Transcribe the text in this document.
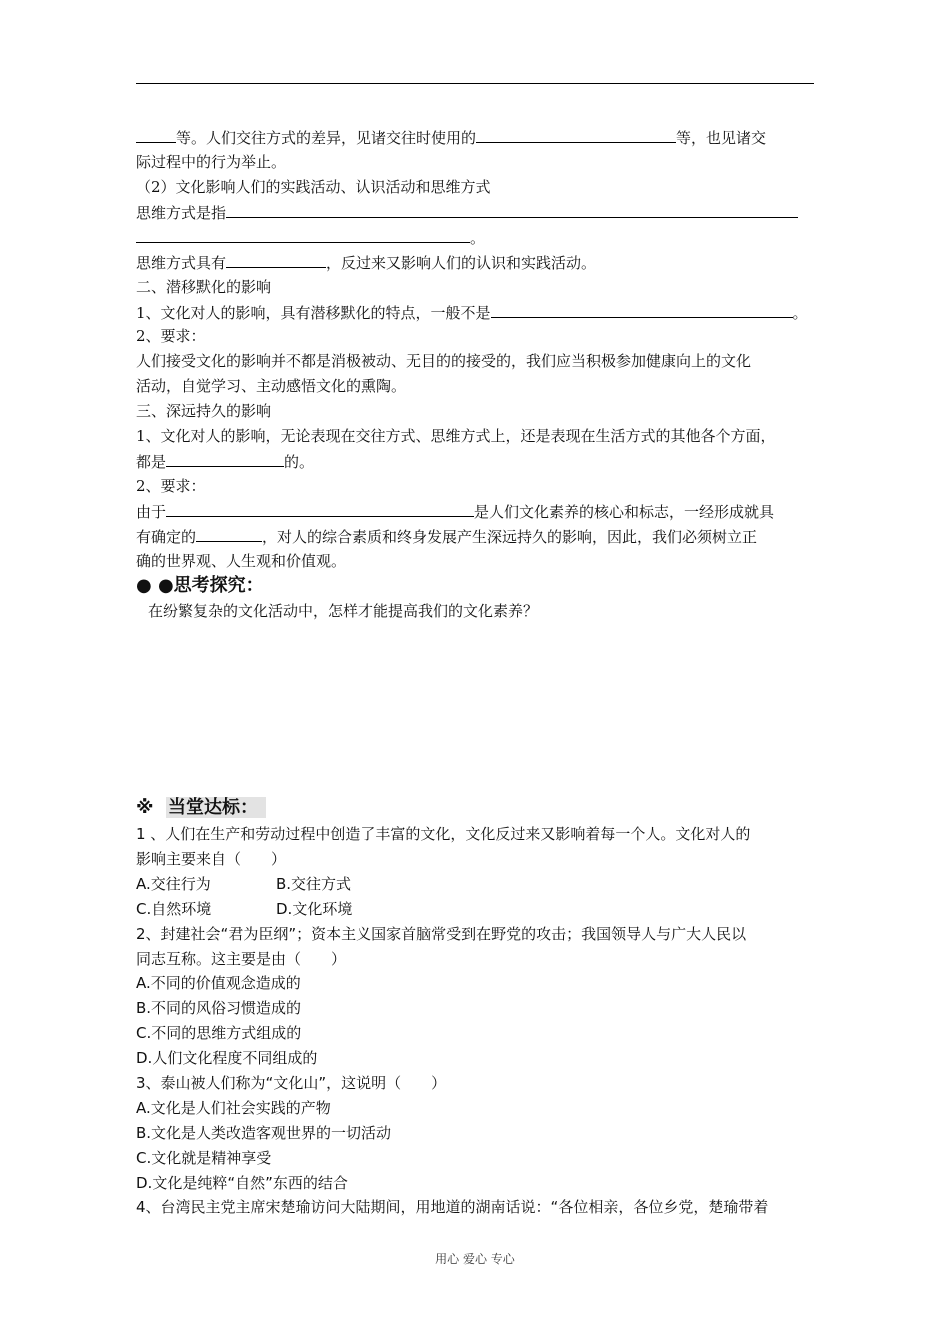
等。人们交往方式的差异，见诸交往时使用的	等，也见诸交
际过程中的行为举止。
（2）文化影响人们的实践活动、认识活动和思维方式
思维方式是指
。
思维方式具有	，反过来又影响人们的认识和实践活动。
二、潜移默化的影响
1、文化对人的影响，具有潜移默化的特点，一般不是	。
2、要求：
人们接受文化的影响并不都是消极被动、无目的的接受的，我们应当积极参加健康向上的文化
活动，自觉学习、主动感悟文化的熏陶。
三、深远持久的影响
1、文化对人的影响，无论表现在交往方式、思维方式上，还是表现在生活方式的其他各个方面，
都是	的。
2、要求：
由于	是人们文化素养的核心和标志，一经形成就具
有确定的	，对人的综合素质和终身发展产生深远持久的影响，因此，我们必须树立正
确的世界观、人生观和价值观。
● ●思考探究：
在纷繁复杂的文化活动中，怎样才能提高我们的文化素养？
※ 当堂达标：
1 、人们在生产和劳动过程中创造了丰富的文化，文化反过来又影响着每一个人。文化对人的
影响主要来自（　　）
A.交往行为	B.交往方式
C.自然环境	D.文化环境
2、封建社会“君为臣纲”；资本主义国家首脑常受到在野党的攻击；我国领导人与广大人民以
同志互称。这主要是由（　　）
A.不同的价值观念造成的
B.不同的风俗习惯造成的
C.不同的思维方式组成的
D.人们文化程度不同组成的
3、泰山被人们称为“文化山”，这说明（　　）
A.文化是人们社会实践的产物
B.文化是人类改造客观世界的一切活动
C.文化就是精神享受
D.文化是纯粹“自然”东西的结合
4、台湾民主党主席宋楚瑜访问大陆期间，用地道的湖南话说：“各位相亲，各位乡党，楚瑜带着
用心 爱心 专心
